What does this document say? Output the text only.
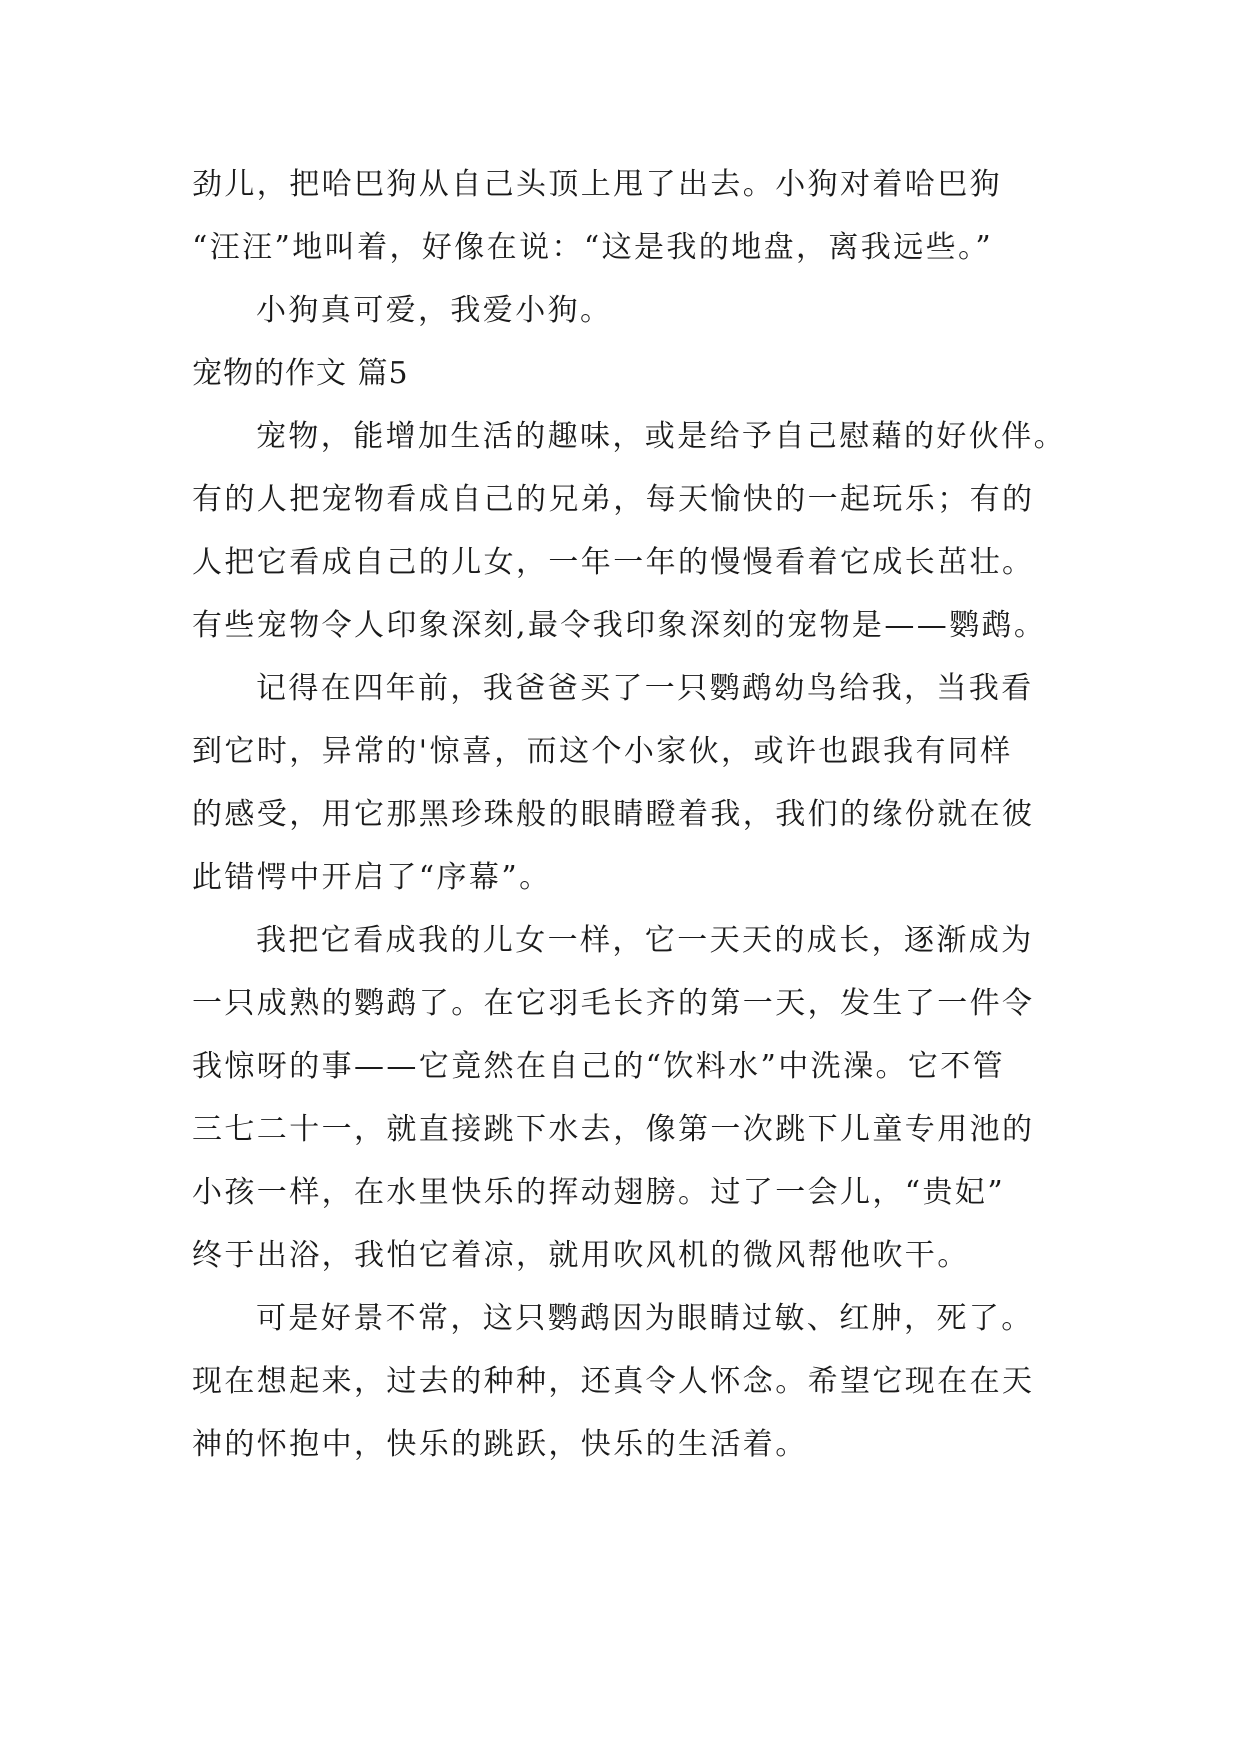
劲儿，把哈巴狗从自己头顶上甩了出去。小狗对着哈巴狗
“汪汪”地叫着，好像在说：“这是我的地盘，离我远些。”
小狗真可爱，我爱小狗。
宠物的作文 篇5
宠物，能增加生活的趣味，或是给予自己慰藉的好伙伴。
有的人把宠物看成自己的兄弟，每天愉快的一起玩乐；有的
人把它看成自己的儿女，一年一年的慢慢看着它成长茁壮。
有些宠物令人印象深刻,最令我印象深刻的宠物是——鹦鹉。
记得在四年前，我爸爸买了一只鹦鹉幼鸟给我，当我看
到它时，异常的'惊喜，而这个小家伙，或许也跟我有同样
的感受，用它那黑珍珠般的眼睛瞪着我，我们的缘份就在彼
此错愕中开启了“序幕”。
我把它看成我的儿女一样，它一天天的成长，逐渐成为
一只成熟的鹦鹉了。在它羽毛长齐的第一天，发生了一件令
我惊呀的事——它竟然在自己的“饮料水”中洗澡。它不管
三七二十一，就直接跳下水去，像第一次跳下儿童专用池的
小孩一样，在水里快乐的挥动翅膀。过了一会儿，“贵妃”
终于出浴，我怕它着凉，就用吹风机的微风帮他吹干。
可是好景不常，这只鹦鹉因为眼睛过敏、红肿，死了。
现在想起来，过去的种种，还真令人怀念。希望它现在在天
神的怀抱中，快乐的跳跃，快乐的生活着。
